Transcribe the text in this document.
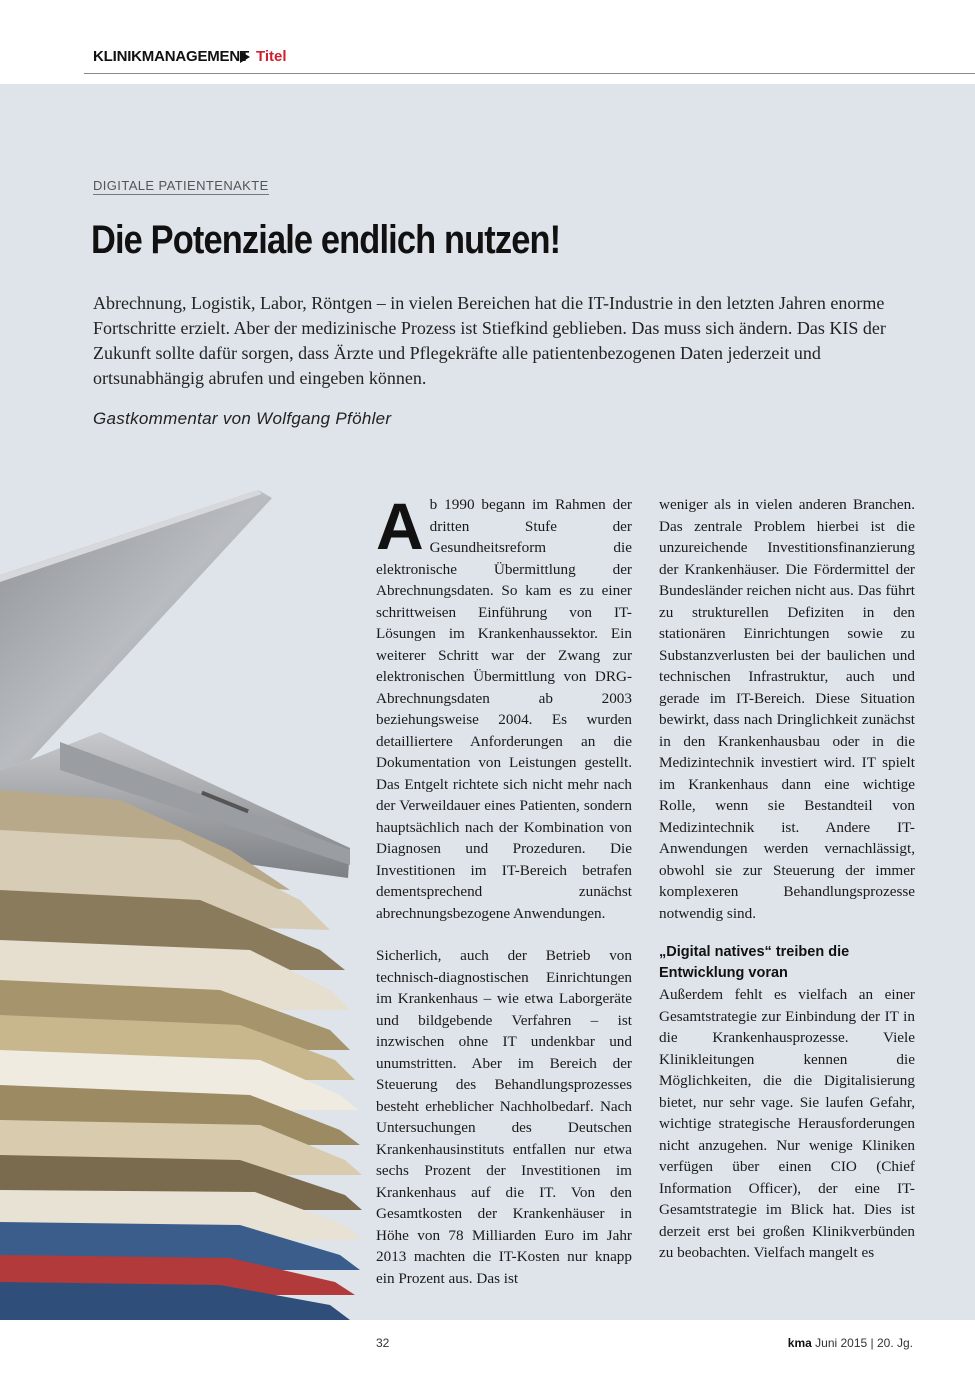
KLINIKMANAGEMENT Titel
DIGITALE PATIENTENAKTE
Die Potenziale endlich nutzen!
Abrechnung, Logistik, Labor, Röntgen – in vielen Bereichen hat die IT-Industrie in den letzten Jahren enorme Fortschritte erzielt. Aber der medizinische Prozess ist Stiefkind geblieben. Das muss sich ändern. Das KIS der Zukunft sollte dafür sorgen, dass Ärzte und Pflegekräfte alle patientenbezogenen Daten jederzeit und ortsunabhängig abrufen und eingeben können.
Gastkommentar von Wolfgang Pföhler

Ab 1990 begann im Rahmen der dritten Stufe der Gesundheitsreform die elektronische Übermittlung der Abrechnungsdaten. So kam es zu einer schrittweisen Einführung von IT-Lösungen im Krankenhaussektor. Ein weiterer Schritt war der Zwang zur elektronischen Übermittlung von DRG-Abrechnungsdaten ab 2003 beziehungsweise 2004. Es wurden detailliertere Anforderungen an die Dokumentation von Leistungen gestellt. Das Entgelt richtete sich nicht mehr nach der Verweildauer eines Patienten, sondern hauptsächlich nach der Kombination von Diagnosen und Prozeduren. Die Investitionen im IT-Bereich betrafen dementsprechend zunächst abrechnungsbezogene Anwendungen.

Sicherlich, auch der Betrieb von technisch-diagnostischen Einrichtungen im Krankenhaus – wie etwa Laborgeräte und bildgebende Verfahren – ist inzwischen ohne IT undenkbar und unumstritten. Aber im Bereich der Steuerung des Behandlungsprozesses besteht erheblicher Nachholbedarf. Nach Untersuchungen des Deutschen Krankenhausinstituts entfallen nur etwa sechs Prozent der Investitionen im Krankenhaus auf die IT. Von den Gesamtkosten der Krankenhäuser in Höhe von 78 Milliarden Euro im Jahr 2013 machten die IT-Kosten nur knapp ein Prozent aus. Das ist

weniger als in vielen anderen Branchen. Das zentrale Problem hierbei ist die unzureichende Investitionsfinanzierung der Krankenhäuser. Die Fördermittel der Bundesländer reichen nicht aus. Das führt zu strukturellen Defiziten in den stationären Einrichtungen sowie zu Substanzverlusten bei der baulichen und technischen Infrastruktur, auch und gerade im IT-Bereich. Diese Situation bewirkt, dass nach Dringlichkeit zunächst in den Krankenhausbau oder in die Medizintechnik investiert wird. IT spielt im Krankenhaus dann eine wichtige Rolle, wenn sie Bestandteil von Medizintechnik ist. Andere IT-Anwendungen werden vernachlässigt, obwohl sie zur Steuerung der immer komplexeren Behandlungsprozesse notwendig sind.

„Digital natives“ treiben die Entwicklung voran

Außerdem fehlt es vielfach an einer Gesamtstrategie zur Einbindung der IT in die Krankenhausprozesse. Viele Klinikleitungen kennen die Möglichkeiten, die die Digitalisierung bietet, nur sehr vage. Sie laufen Gefahr, wichtige strategische Herausforderungen nicht anzugehen. Nur wenige Kliniken verfügen über einen CIO (Chief Information Officer), der eine IT-Gesamtstrategie im Blick hat. Dies ist derzeit erst bei großen Klinikverbünden zu beobachten. Vielfach mangelt es

32	kma Juni 2015 | 20. Jg.
